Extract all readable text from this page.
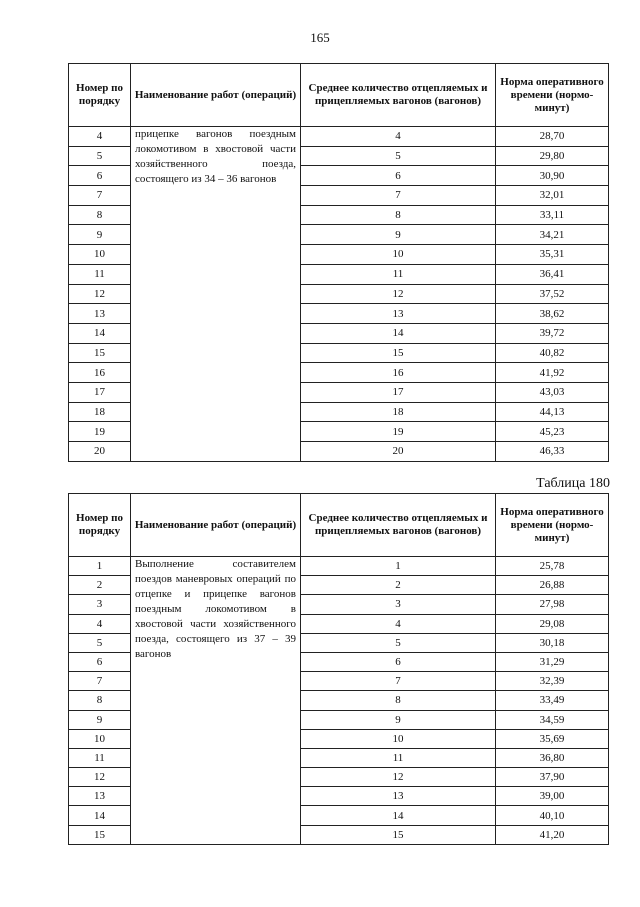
165
Номер по порядку	Наименование работ (операций)	Среднее количество отцепляемых и прицепляемых вагонов (вагонов)	Норма оперативного времени (нормо-минут)
4	прицепке вагонов поездным локомотивом в хвостовой части хозяйственного поезда, состоящего из 34 – 36 вагонов	4	28,70
5		5	29,80
6		6	30,90
7		7	32,01
8		8	33,11
9		9	34,21
10		10	35,31
11		11	36,41
12		12	37,52
13		13	38,62
14		14	39,72
15		15	40,82
16		16	41,92
17		17	43,03
18		18	44,13
19		19	45,23
20		20	46,33
Таблица 180
Номер по порядку	Наименование работ (операций)	Среднее количество отцепляемых и прицепляемых вагонов (вагонов)	Норма оперативного времени (нормо-минут)
1	Выполнение составителем поездов маневровых операций по отцепке и прицепке вагонов поездным локомотивом в хвостовой части хозяйственного поезда, состоящего из 37 – 39 вагонов	1	25,78
2		2	26,88
3		3	27,98
4		4	29,08
5		5	30,18
6		6	31,29
7		7	32,39
8		8	33,49
9		9	34,59
10		10	35,69
11		11	36,80
12		12	37,90
13		13	39,00
14		14	40,10
15		15	41,20
